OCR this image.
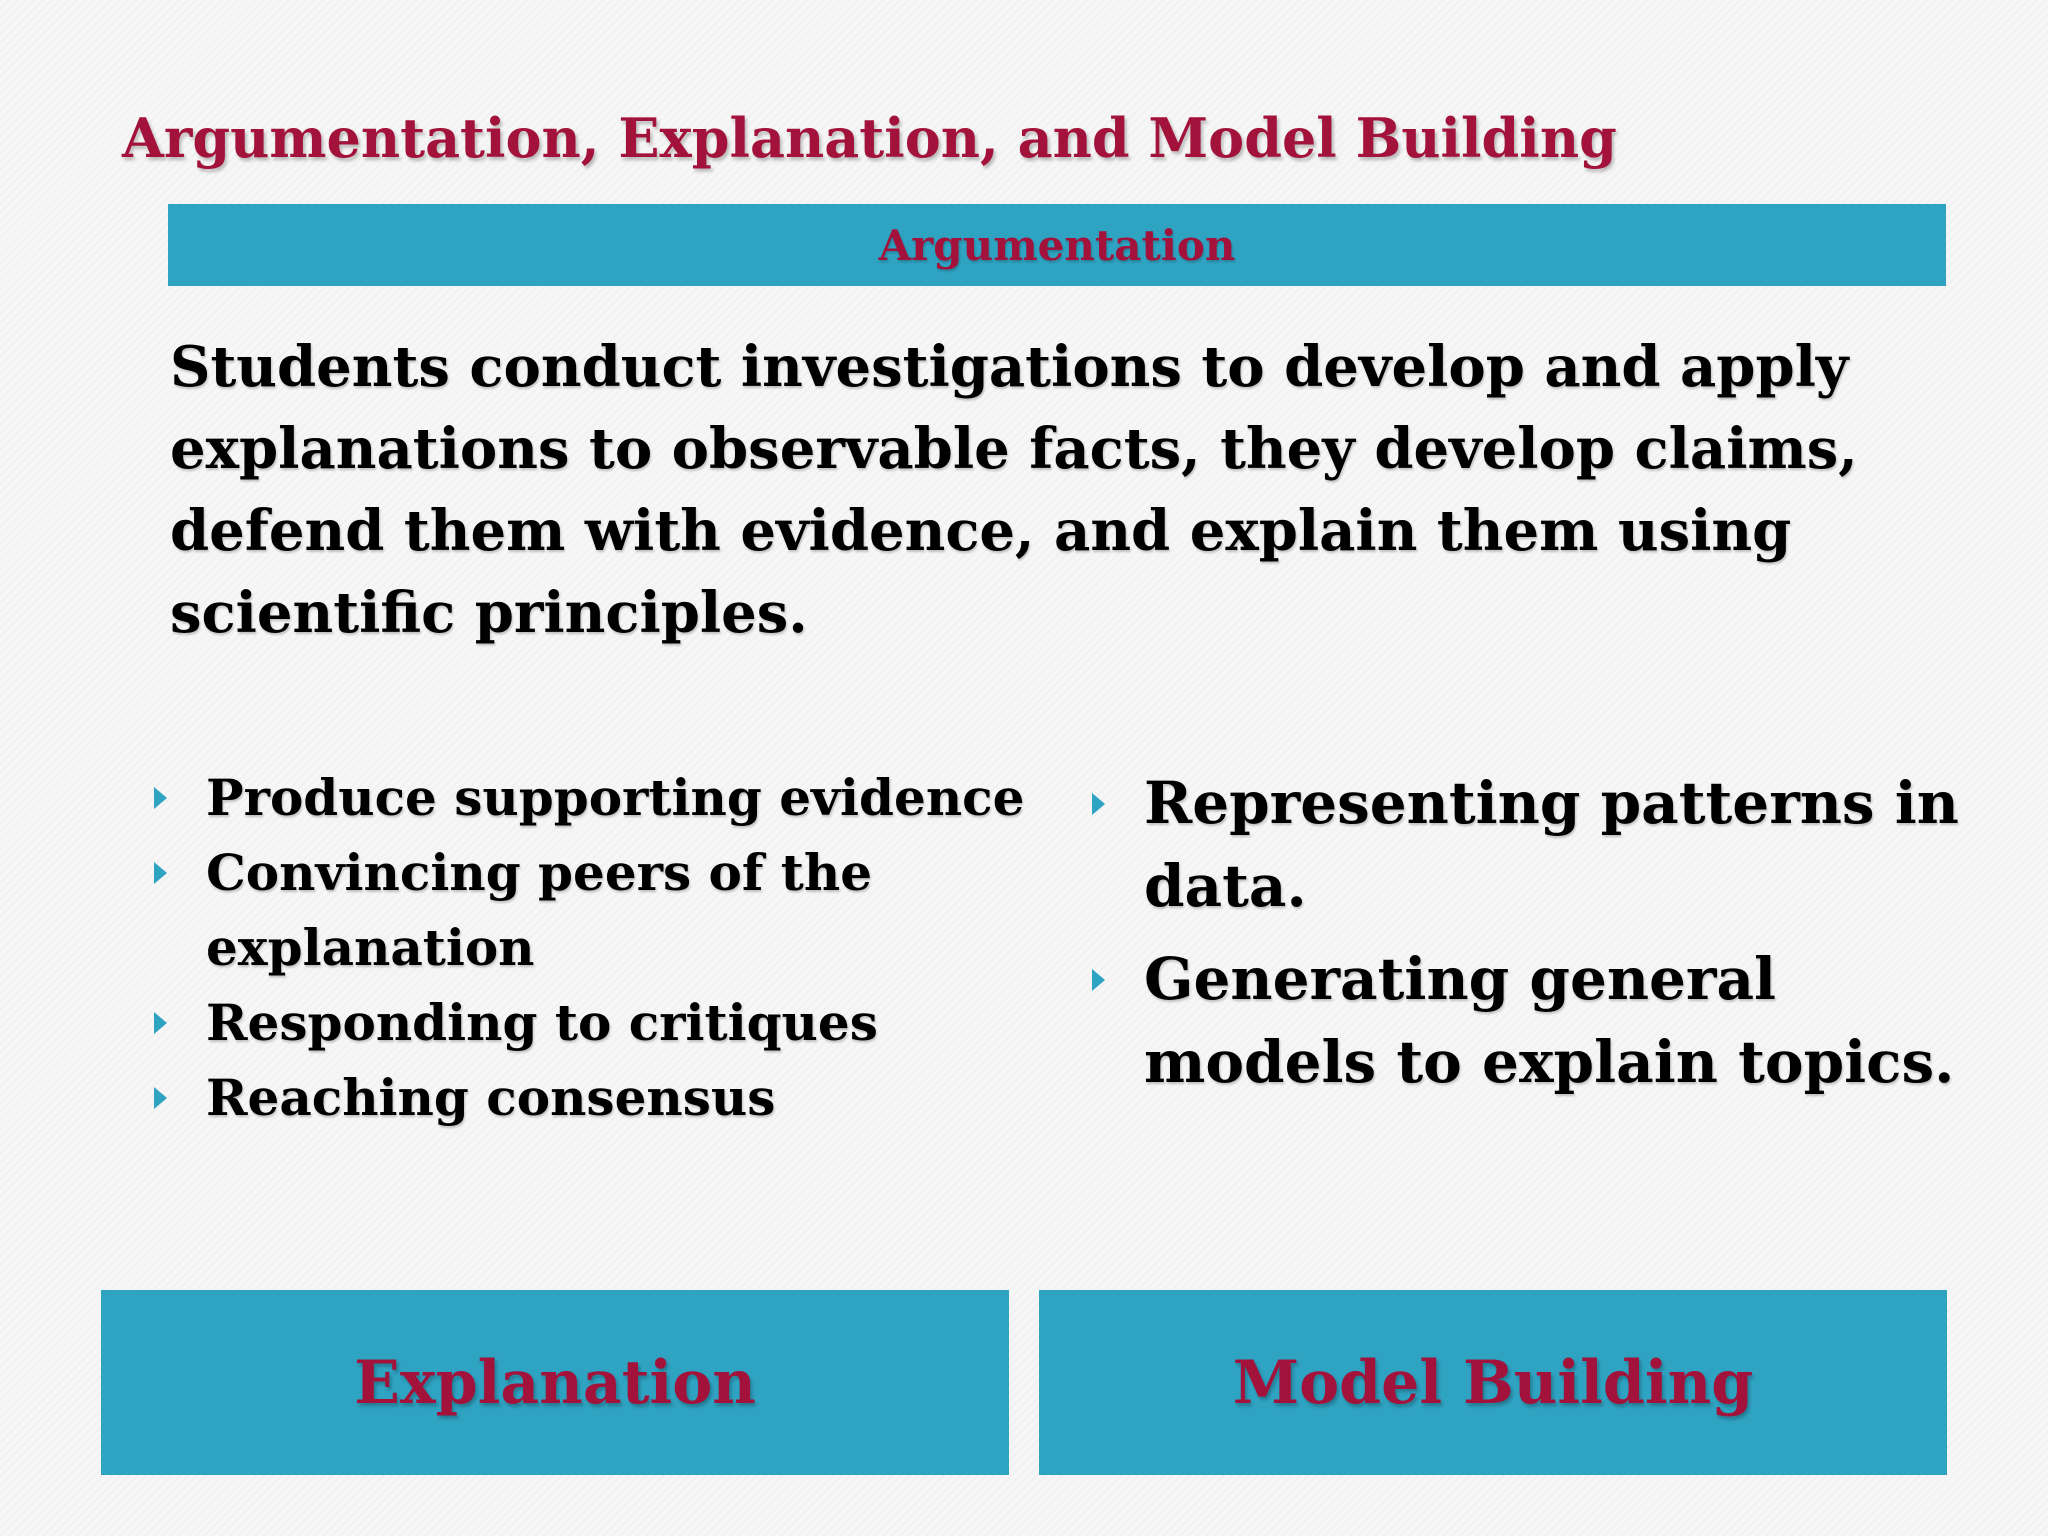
Argumentation, Explanation, and Model Building
Argumentation

Students conduct investigations to develop and apply explanations to observable facts, they develop claims, defend them with evidence, and explain them using scientific principles.

Produce supporting evidence
Convincing peers of the explanation
Responding to critiques
Reaching consensus
Representing patterns in data.
Generating general models to explain topics.
Explanation	Model Building
